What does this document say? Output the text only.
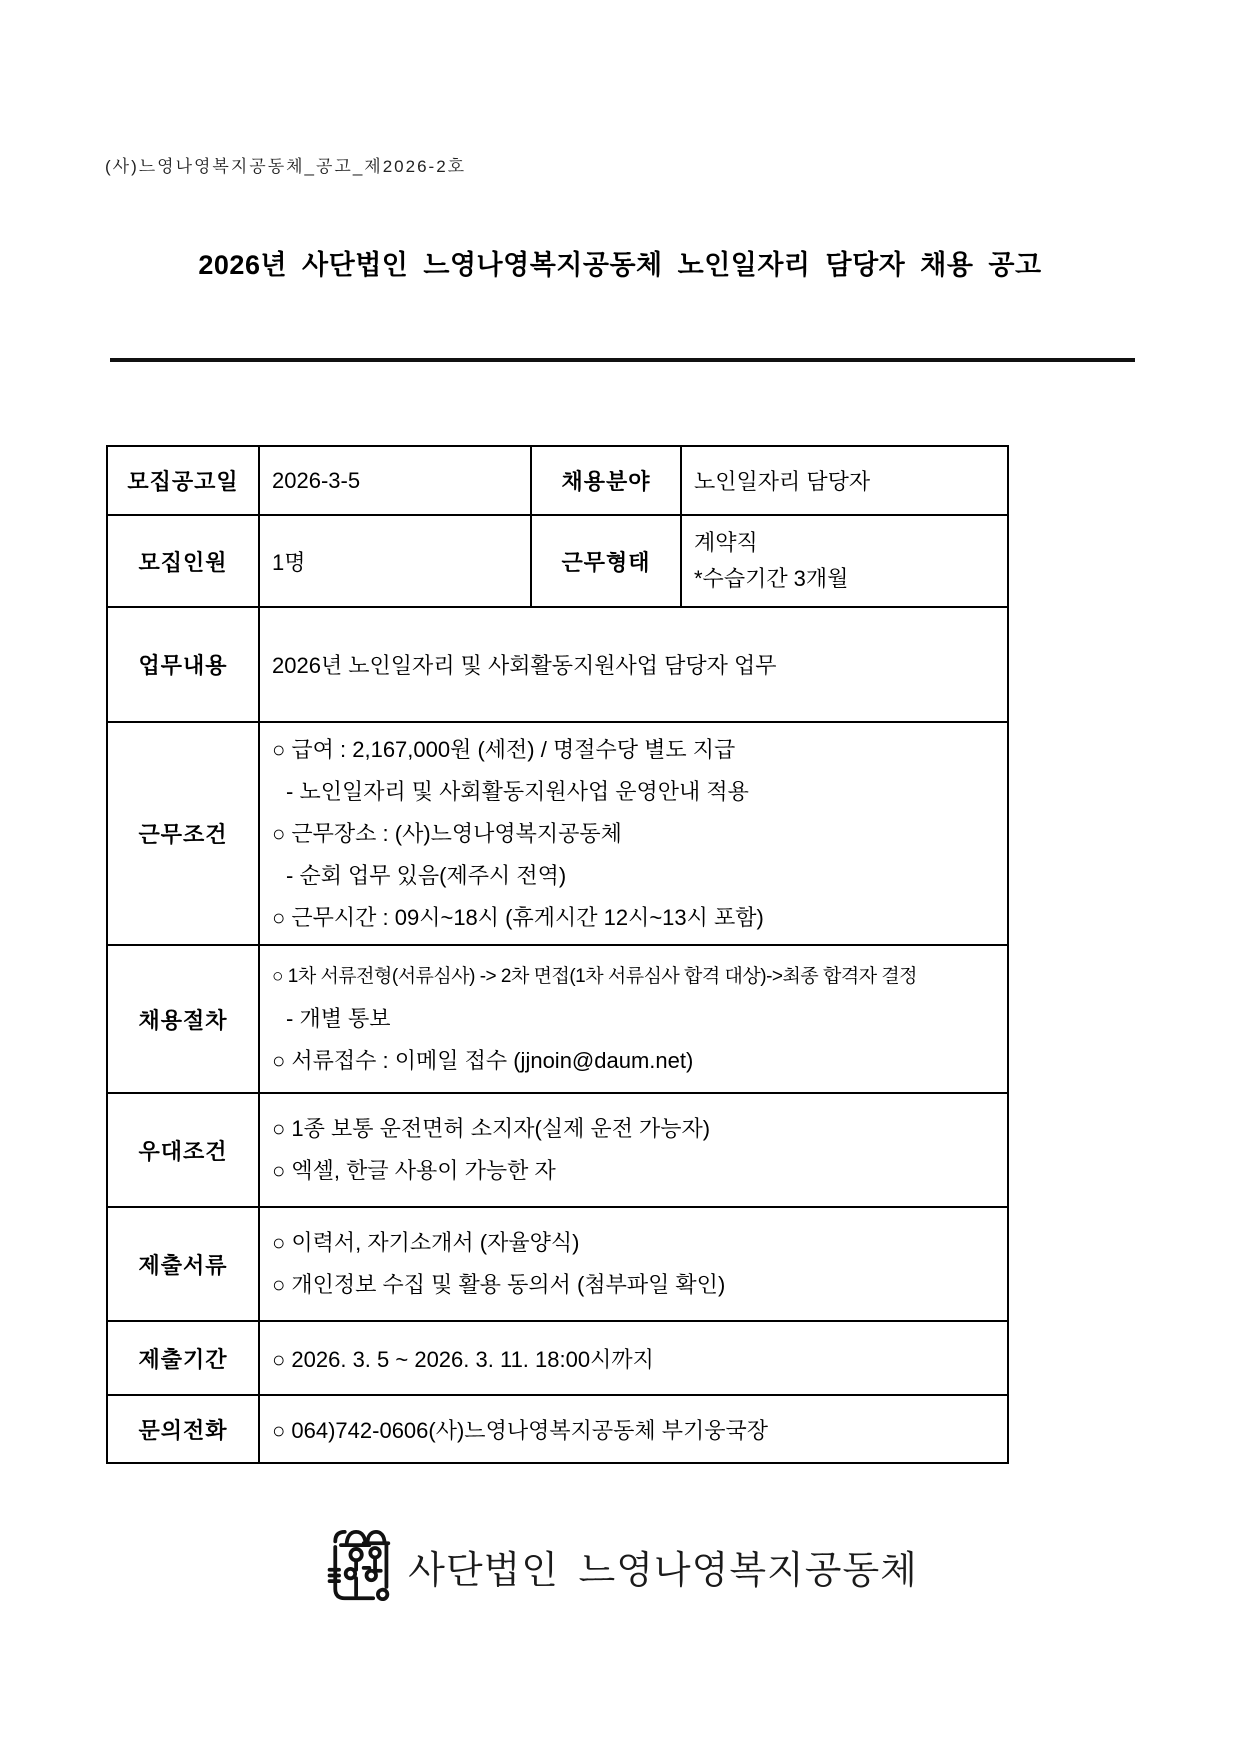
(사)느영나영복지공동체_공고_제2026-2호
2026년 사단법인 느영나영복지공동체 노인일자리 담당자 채용 공고
모집공고일	2026-3-5	채용분야	노인일자리 담당자
모집인원	1명	근무형태	계약직
*수습기간 3개월

업무내용	2026년 노인일자리 및 사회활동지원사업 담당자 업무		
근무조건	○ 급여 : 2,167,000원 (세전) / 명절수당 별도 지급
- 노인일자리 및 사회활동지원사업 운영안내 적용
○ 근무장소 : (사)느영나영복지공동체
- 순회 업무 있음(제주시 전역)
○ 근무시간 : 09시~18시 (휴게시간 12시~13시 포함)		

채용절차	○ 1차 서류전형(서류심사) -> 2차 면접(1차 서류심사 합격 대상)->최종 합격자 결정
- 개별 통보
○ 서류접수 : 이메일 접수 (jjnoin@daum.net)		

우대조건	○ 1종 보통 운전면허 소지자(실제 운전 가능자)
○ 엑셀, 한글 사용이 가능한 자		

제출서류	○ 이력서, 자기소개서 (자율양식)
○ 개인정보 수집 및 활용 동의서 (첨부파일 확인)		

제출기간	○ 2026. 3. 5 ~ 2026. 3. 11. 18:00시까지		
문의전화	○ 064)742-0606(사)느영나영복지공동체 부기웅국장		
사단법인 느영나영복지공동체
